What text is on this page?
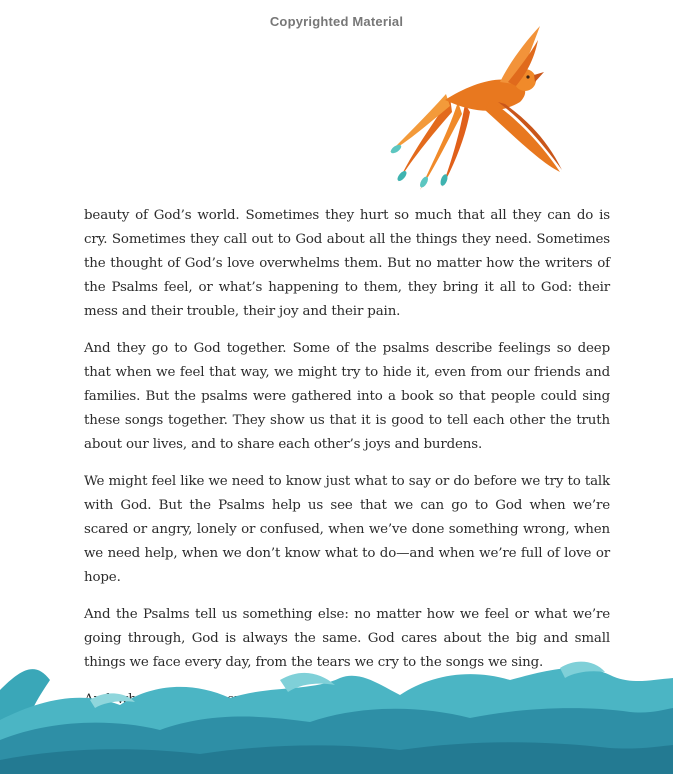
Copyrighted Material

beauty of God’s world. Sometimes they hurt so much that all they can do is cry. Sometimes they call out to God about all the things they need. Sometimes the thought of God’s love overwhelms them. But no matter how the writers of the Psalms feel, or what’s happening to them, they bring it all to God: their mess and their trouble, their joy and their pain.

And they go to God together. Some of the psalms describe feelings so deep that when we feel that way, we might try to hide it, even from our friends and families. But the psalms were gathered into a book so that people could sing these songs together. They show us that it is good to tell each other the truth about our lives, and to share each other’s joys and burdens.

We might feel like we need to know just what to say or do before we try to talk with God. But the Psalms help us see that we can go to God when we’re scared or angry, lonely or confused, when we’ve done something wrong, when we need help, when we don’t know what to do—and when we’re full of love or hope.

And the Psalms tell us something else: no matter how we feel or what we’re going through, God is always the same. God cares about the big and small things we face every day, from the tears we cry to the songs we sing.
